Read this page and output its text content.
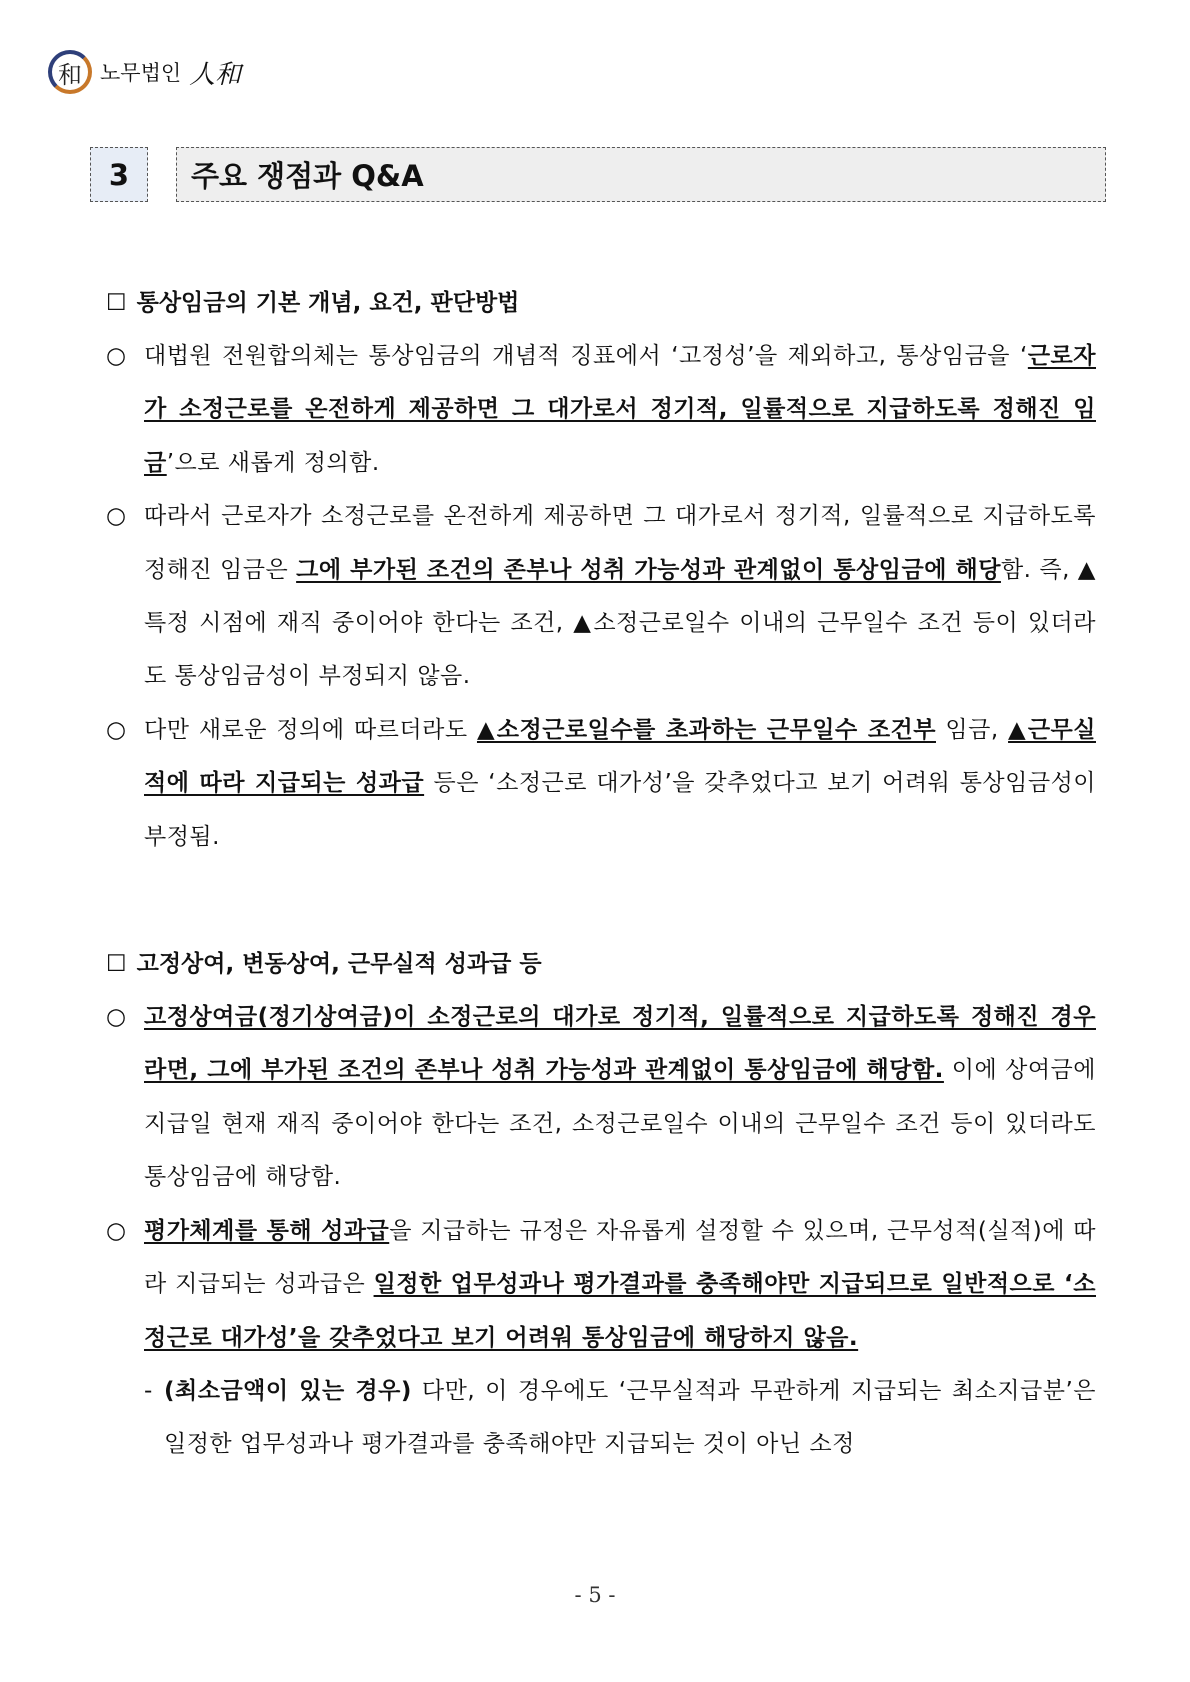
和 노무법인 人和
3	주요 쟁점과 Q&A
☐ 통상임금의 기본 개념, 요건, 판단방법
○ 대법원 전원합의체는 통상임금의 개념적 징표에서 ‘고정성’을 제외하고, 통상임금을 ‘근로자가 소정근로를 온전하게 제공하면 그 대가로서 정기적, 일률적으로 지급하도록 정해진 임금’으로 새롭게 정의함.
○ 따라서 근로자가 소정근로를 온전하게 제공하면 그 대가로서 정기적, 일률적으로 지급하도록 정해진 임금은 그에 부가된 조건의 존부나 성취 가능성과 관계없이 통상임금에 해당함. 즉, ▲특정 시점에 재직 중이어야 한다는 조건, ▲소정근로일수 이내의 근무일수 조건 등이 있더라도 통상임금성이 부정되지 않음.
○ 다만 새로운 정의에 따르더라도 ▲소정근로일수를 초과하는 근무일수 조건부 임금, ▲근무실적에 따라 지급되는 성과급 등은 ‘소정근로 대가성’을 갖추었다고 보기 어려워 통상임금성이 부정됨.
☐ 고정상여, 변동상여, 근무실적 성과급 등
○ 고정상여금(정기상여금)이 소정근로의 대가로 정기적, 일률적으로 지급하도록 정해진 경우라면, 그에 부가된 조건의 존부나 성취 가능성과 관계없이 통상임금에 해당함. 이에 상여금에 지급일 현재 재직 중이어야 한다는 조건, 소정근로일수 이내의 근무일수 조건 등이 있더라도 통상임금에 해당함.
○ 평가체계를 통해 성과급을 지급하는 규정은 자유롭게 설정할 수 있으며, 근무성적(실적)에 따라 지급되는 성과급은 일정한 업무성과나 평가결과를 충족해야만 지급되므로 일반적으로 ‘소정근로 대가성’을 갖추었다고 보기 어려워 통상임금에 해당하지 않음.
- (최소금액이 있는 경우) 다만, 이 경우에도 ‘근무실적과 무관하게 지급되는 최소지급분’은 일정한 업무성과나 평가결과를 충족해야만 지급되는 것이 아닌 소정
- 5 -
